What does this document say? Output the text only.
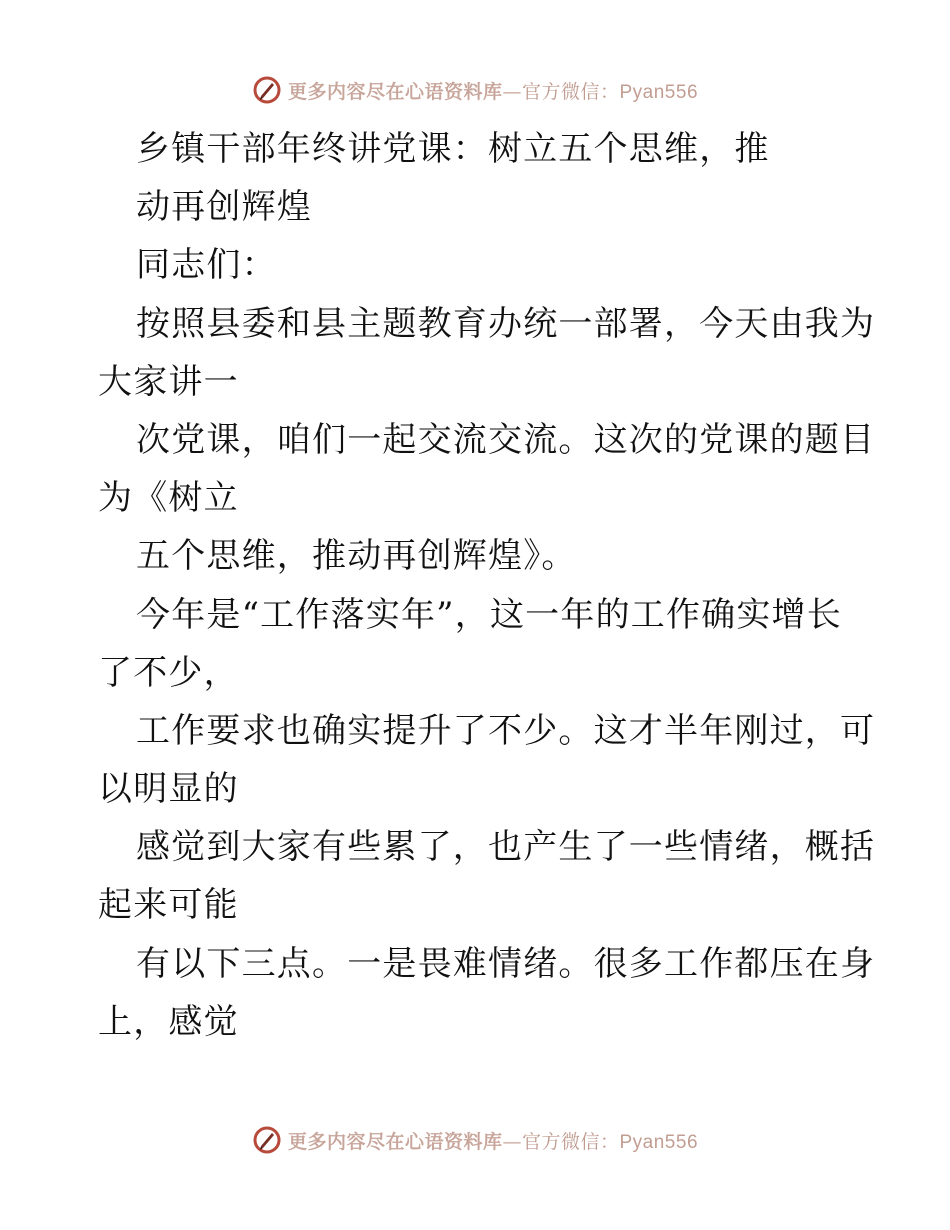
更多内容尽在心语资料库—官方微信：Pyan556
乡镇干部年终讲党课：树立五个思维，推
动再创辉煌
同志们：
按照县委和县主题教育办统一部署，今天由我为
大家讲一
次党课，咱们一起交流交流。这次的党课的题目
为《树立
五个思维，推动再创辉煌》。
今年是“工作落实年”，这一年的工作确实增长
了不少，
工作要求也确实提升了不少。这才半年刚过，可
以明显的
感觉到大家有些累了，也产生了一些情绪，概括
起来可能
有以下三点。一是畏难情绪。很多工作都压在身
上，感觉
更多内容尽在心语资料库—官方微信：Pyan556
